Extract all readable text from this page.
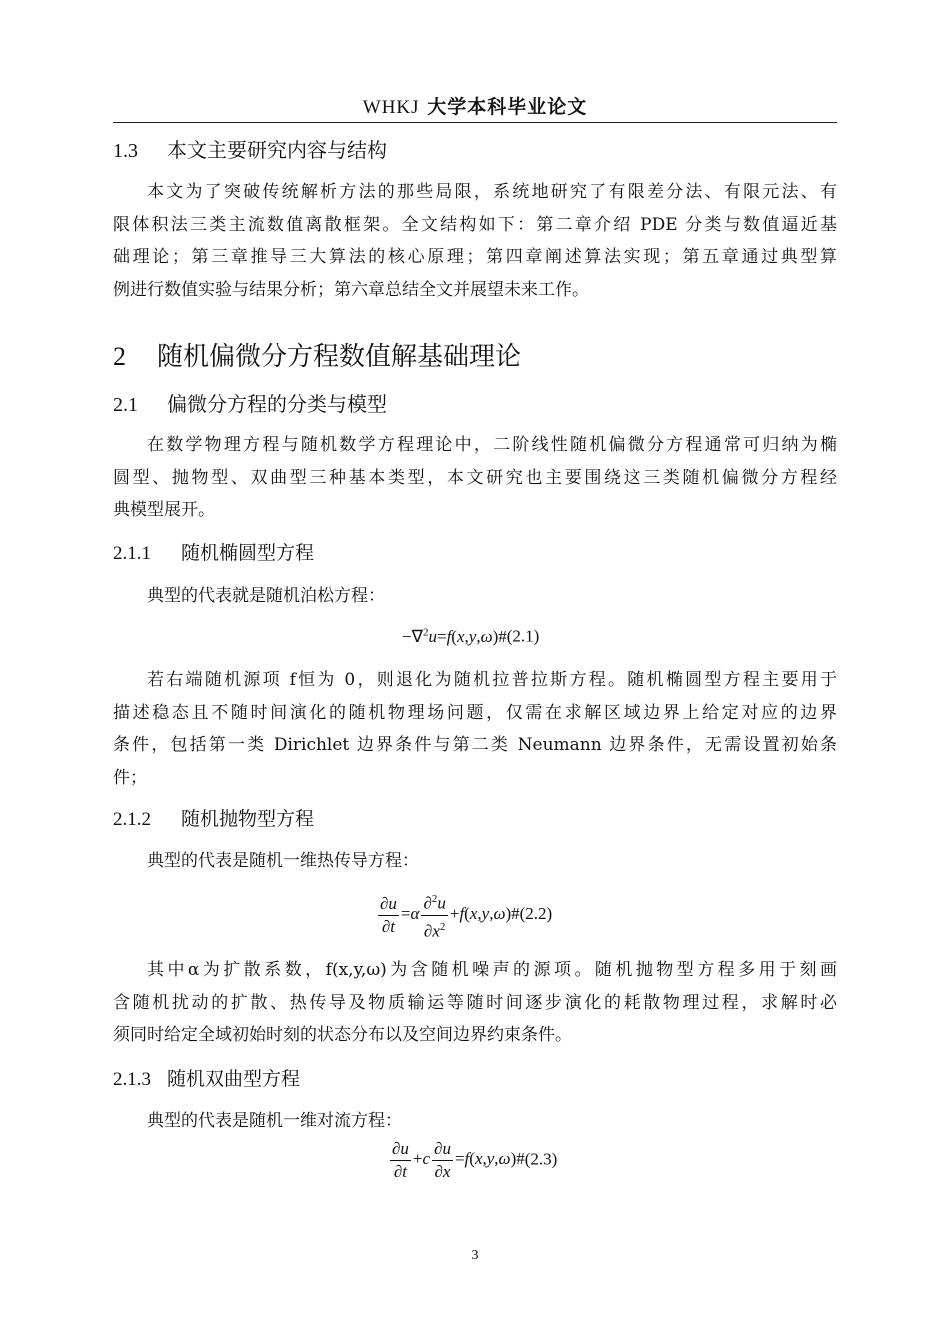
WHKJ 大学本科毕业论文
1.3 本文主要研究内容与结构
本文为了突破传统解析方法的那些局限，系统地研究了有限差分法、有限元法、有
限体积法三类主流数值离散框架。全文结构如下：第二章介绍 PDE 分类与数值逼近基
础理论；第三章推导三大算法的核心原理；第四章阐述算法实现；第五章通过典型算
例进行数值实验与结果分析；第六章总结全文并展望未来工作。
2 随机偏微分方程数值解基础理论
2.1 偏微分方程的分类与模型
在数学物理方程与随机数学方程理论中，二阶线性随机偏微分方程通常可归纳为椭
圆型、抛物型、双曲型三种基本类型，本文研究也主要围绕这三类随机偏微分方程经
典模型展开。
2.1.1 随机椭圆型方程
典型的代表就是随机泊松方程：
−∇$^2$u=f(x,y,ω)#(2.1)
若右端随机源项 f恒为 0，则退化为随机拉普拉斯方程。随机椭圆型方程主要用于
描述稳态且不随时间演化的随机物理场问题，仅需在求解区域边界上给定对应的边界
条件，包括第一类 Dirichlet 边界条件与第二类 Neumann 边界条件，无需设置初始条
件；
2.1.2 随机抛物型方程
典型的代表是随机一维热传导方程：
$\frac{\partial u}{\partial t} =\alpha \frac{\partial^2u}{\partial x^2}$ +f(x,y,ω)#(2.2)
其中α为扩散系数，f(x,y,ω)为含随机噪声的源项。随机抛物型方程多用于刻画
含随机扰动的扩散、热传导及物质输运等随时间逐步演化的耗散物理过程，求解时必
须同时给定全域初始时刻的状态分布以及空间边界约束条件。
2.1.3 随机双曲型方程
典型的代表是随机一维对流方程：
$\frac{\partial u}{\partial t} +c \frac{\partial u}{\partial x}$ =f(x,y,ω)#(2.3)
3
